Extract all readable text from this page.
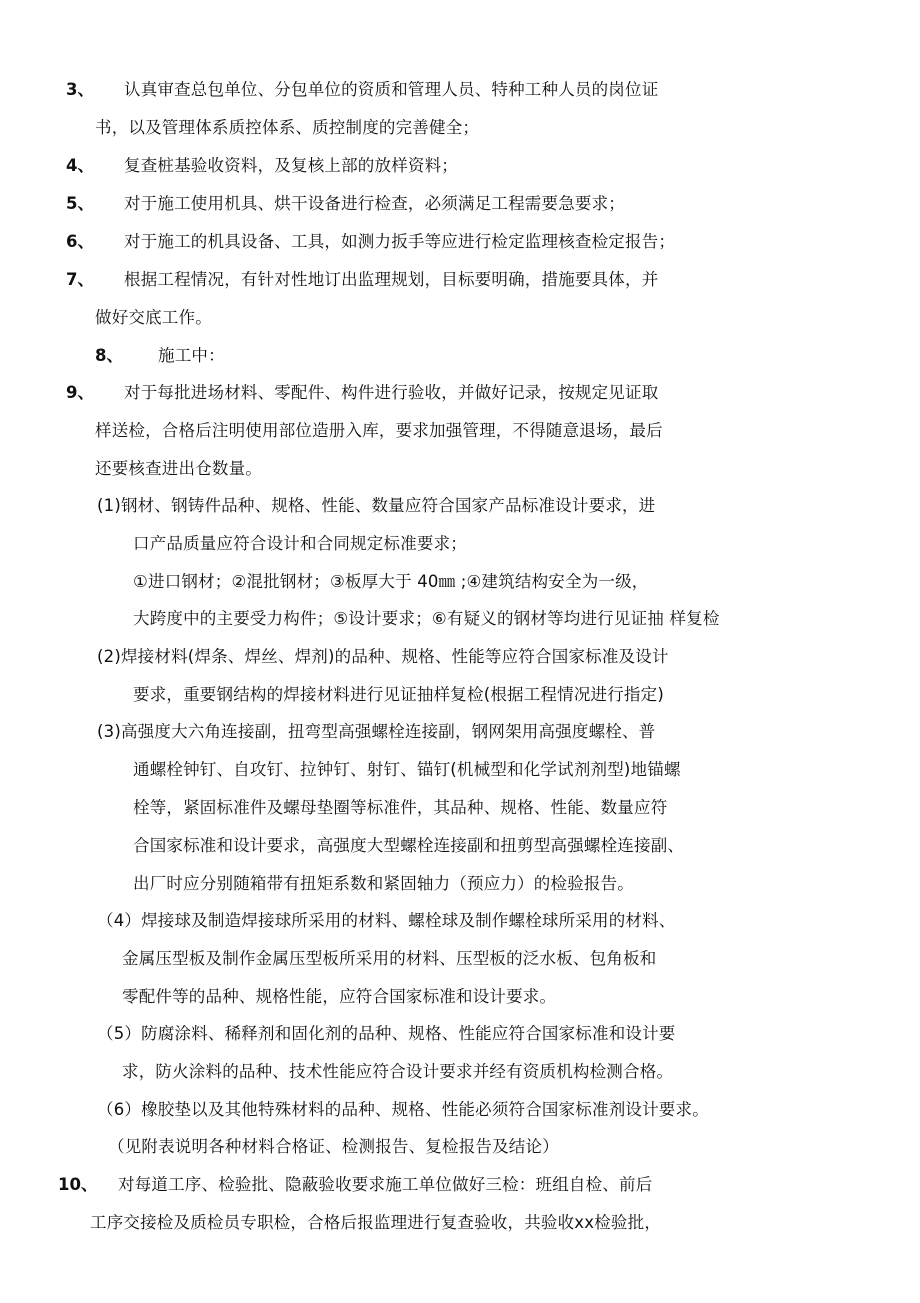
3、 认真审查总包单位、分包单位的资质和管理人员、特种工种人员的岗位证
书，以及管理体系质控体系、质控制度的完善健全；
4、 复查桩基验收资料，及复核上部的放样资料；
5、 对于施工使用机具、烘干设备进行检查，必须满足工程需要急要求；
6、 对于施工的机具设备、工具，如测力扳手等应进行检定监理核查检定报告；
7、 根据工程情况，有针对性地订出监理规划，目标要明确，措施要具体，并
做好交底工作。
8、 施工中：
9、 对于每批进场材料、零配件、构件进行验收，并做好记录，按规定见证取
样送检，合格后注明使用部位造册入库，要求加强管理，不得随意退场，最后
还要核查进出仓数量。
(1)钢材、钢铸件品种、规格、性能、数量应符合国家产品标准设计要求，进
口产品质量应符合设计和合同规定标准要求；
①进口钢材；②混批钢材；③板厚大于 40㎜ ;④建筑结构安全为一级，
大跨度中的主要受力构件；⑤设计要求；⑥有疑义的钢材等均进行见证抽 样复检
(2)焊接材料(焊条、焊丝、焊剂)的品种、规格、性能等应符合国家标准及设计
要求，重要钢结构的焊接材料进行见证抽样复检(根据工程情况进行指定)
(3)高强度大六角连接副，扭弯型高强螺栓连接副，钢网架用高强度螺栓、普
通螺栓钟钉、自攻钉、拉钟钉、射钉、锚钉(机械型和化学试剂剂型)地锚螺
栓等，紧固标准件及螺母垫圈等标准件，其品种、规格、性能、数量应符
合国家标准和设计要求，高强度大型螺栓连接副和扭剪型高强螺栓连接副、
出厂时应分别随箱带有扭矩系数和紧固轴力（预应力）的检验报告。
（4）焊接球及制造焊接球所采用的材料、螺栓球及制作螺栓球所采用的材料、
金属压型板及制作金属压型板所采用的材料、压型板的泛水板、包角板和
零配件等的品种、规格性能，应符合国家标准和设计要求。
（5）防腐涂料、稀释剂和固化剂的品种、规格、性能应符合国家标准和设计要
求，防火涂料的品种、技术性能应符合设计要求并经有资质机构检测合格。
（6）橡胶垫以及其他特殊材料的品种、规格、性能必须符合国家标准剂设计要求。
（见附表说明各种材料合格证、检测报告、复检报告及结论）
10、 对每道工序、检验批、隐蔽验收要求施工单位做好三检：班组自检、前后
工序交接检及质检员专职检，合格后报监理进行复查验收，共验收xx检验批，
